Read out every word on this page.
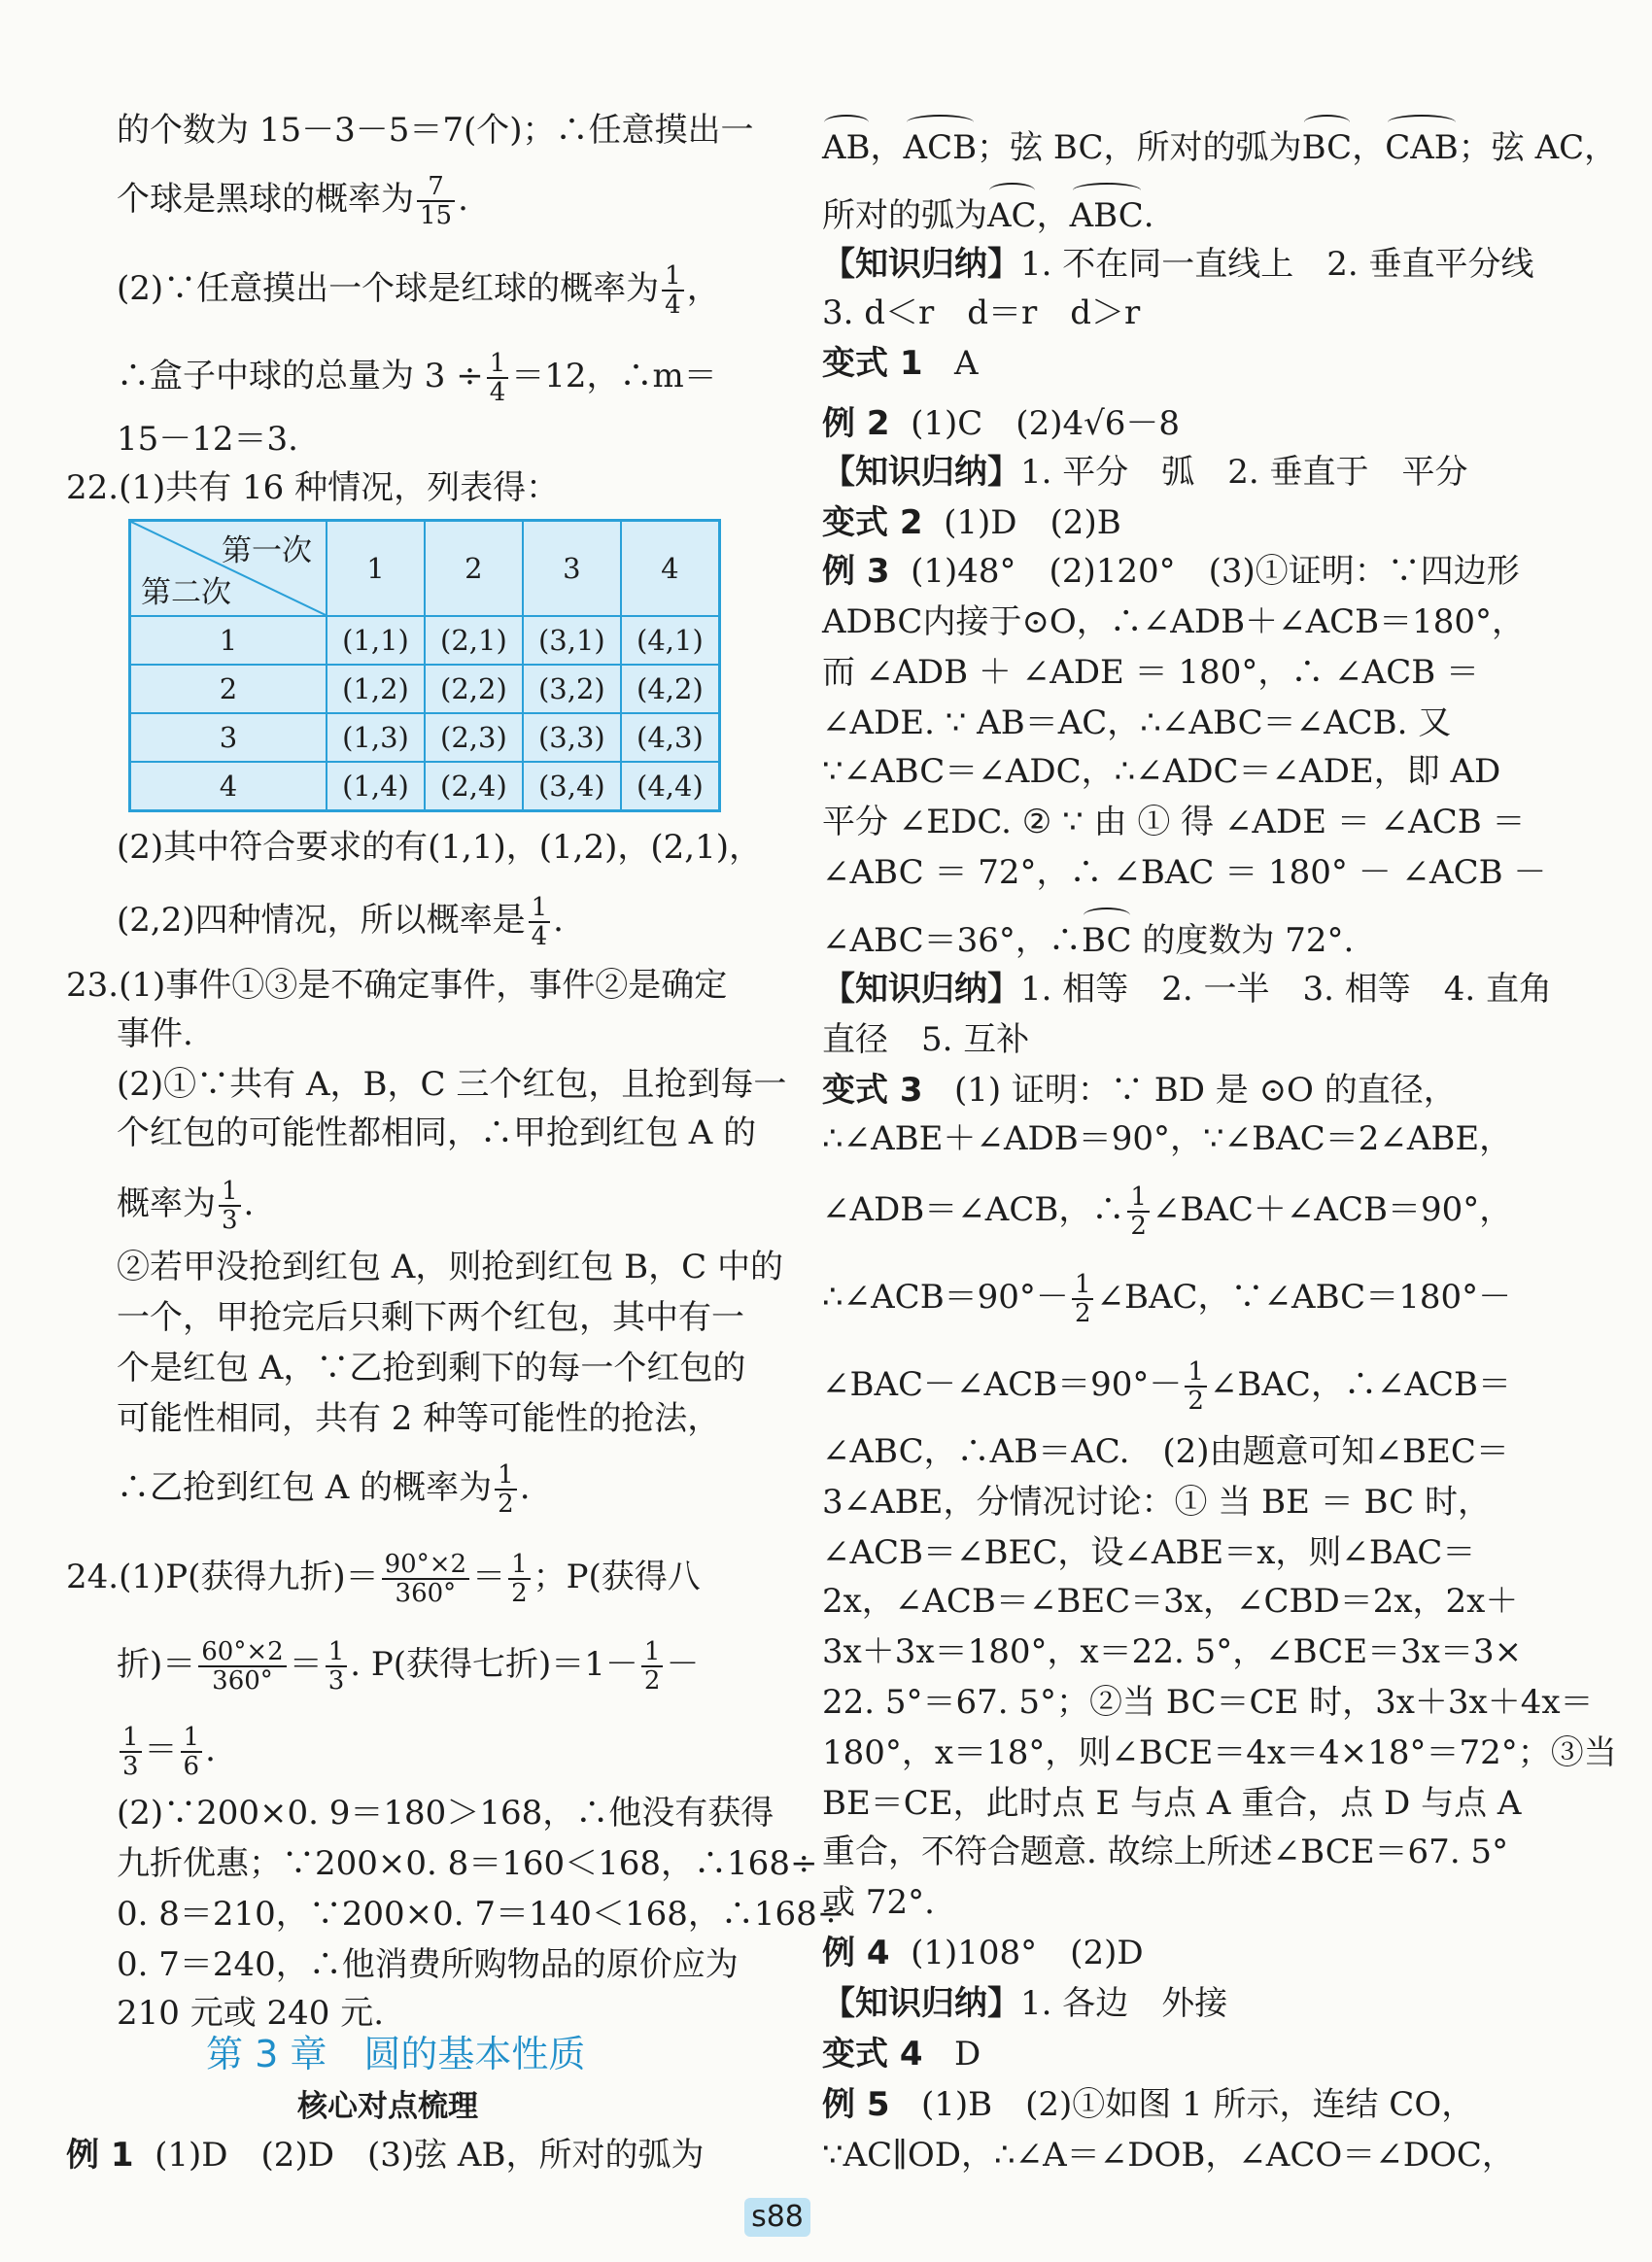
的个数为 15－3－5＝7(个)；∴任意摸出一
个球是黑球的概率为 $\frac{7}{15}$ .
(2)∵任意摸出一个球是红球的概率为 $\frac{1}{4}$ ，
∴盒子中球的总量为 $3 \div \frac{1}{4} =12$，∴m＝
15－12＝3.
22.(1)共有 16 种情况，列表得：
第一次
第二次	1	2	3	4
1	(1,1)	(2,1)	(3,1)	(4,1)
2	(1,2)	(2,2)	(3,2)	(4,2)
3	(1,3)	(2,3)	(3,3)	(4,3)
4	(1,4)	(2,4)	(3,4)	(4,4)
(2)其中符合要求的有(1,1)，(1,2)，(2,1)，
(2,2)四种情况，所以概率是 $\frac{1}{4}$ .
23.(1)事件①③是不确定事件，事件②是确定
事件.
(2)①∵共有 A，B，C 三个红包，且抢到每一
个红包的可能性都相同，∴甲抢到红包 A 的
概率为 $\frac{1}{3}$ .
②若甲没抢到红包 A，则抢到红包 B，C 中的
一个，甲抢完后只剩下两个红包，其中有一
个是红包 A，∵乙抢到剩下的每一个红包的
可能性相同，共有 2 种等可能性的抢法，
∴乙抢到红包 A 的概率为 $\frac{1}{2}$ .
24.(1)P(获得九折)＝ $\frac{90^\circ\times 2}{360^\circ} = \frac{1}{2}$ ；P(获得八
折)＝ $\frac{60^\circ\times 2}{360^\circ} = \frac{1}{3}$ . P(获得七折)$=1- \frac{1}{2}$ －
$\frac{1}{3} = \frac{1}{6}$ .
(2)∵200×0. 9＝180＞168，∴他没有获得
九折优惠；∵200×0. 8＝160＜168，∴168÷
0. 8＝210，∵200×0. 7＝140＜168，∴168÷
0. 7＝240，∴他消费所购物品的原价应为
210 元或 240 元.
第 3 章　圆的基本性质
核心对点梳理
例 1 (1)D　(2)D　(3)弦 AB，所对的弧为
AB，ACB；弦 BC，所对的弧为BC，CAB；弦 AC，
所对的弧为AC，ABC.
【知识归纳】1. 不在同一直线上　2. 垂直平分线
3. d＜r　d＝r　d＞r
变式 1 A
例 2 (1)C　(2)4√6－8
【知识归纳】1. 平分　弧　2. 垂直于　平分
变式 2 (1)D　(2)B
例 3 (1)48°　(2)120°　(3)①证明：∵四边形
ADBC内接于⊙O，∴∠ADB＋∠ACB＝180°，
而 ∠ADB ＋ ∠ADE ＝ 180°，∴ ∠ACB ＝
∠ADE. ∵ AB＝AC，∴∠ABC＝∠ACB. 又
∵∠ABC＝∠ADC，∴∠ADC＝∠ADE，即 AD
平分 ∠EDC. ② ∵ 由 ① 得 ∠ADE ＝ ∠ACB ＝
∠ABC ＝ 72°，∴ ∠BAC ＝ 180° － ∠ACB －
∠ABC＝36°，∴BC 的度数为 72°.
【知识归纳】1. 相等　2. 一半　3. 相等　4. 直角
直径　5. 互补
变式 3 (1) 证明：∵ BD 是 ⊙O 的直径，
∴∠ABE＋∠ADB＝90°，∵∠BAC＝2∠ABE，
∠ADB＝∠ACB，∴ $\frac{1}{2}$ ∠BAC＋∠ACB＝90°，
∴∠ACB＝90°－ $\frac{1}{2}$ ∠BAC，∵∠ABC＝180°－
∠BAC－∠ACB＝90°－ $\frac{1}{2}$ ∠BAC，∴∠ACB＝
∠ABC，∴AB＝AC.　(2)由题意可知∠BEC＝
3∠ABE，分情况讨论：① 当 BE ＝ BC 时，
∠ACB＝∠BEC，设∠ABE＝x，则∠BAC＝
2x，∠ACB＝∠BEC＝3x，∠CBD＝2x，2x＋
3x＋3x＝180°，x＝22. 5°，∠BCE＝3x＝3×
22. 5°＝67. 5°；②当 BC＝CE 时，3x＋3x＋4x＝
180°，x＝18°，则∠BCE＝4x＝4×18°＝72°；③当
BE＝CE，此时点 E 与点 A 重合，点 D 与点 A
重合，不符合题意. 故综上所述∠BCE＝67. 5°
或 72°.
例 4 (1)108°　(2)D
【知识归纳】1. 各边　外接
变式 4 D
例 5 (1)B　(2)①如图 1 所示，连结 CO，
∵AC∥OD，∴∠A＝∠DOB，∠ACO＝∠DOC，
s88
